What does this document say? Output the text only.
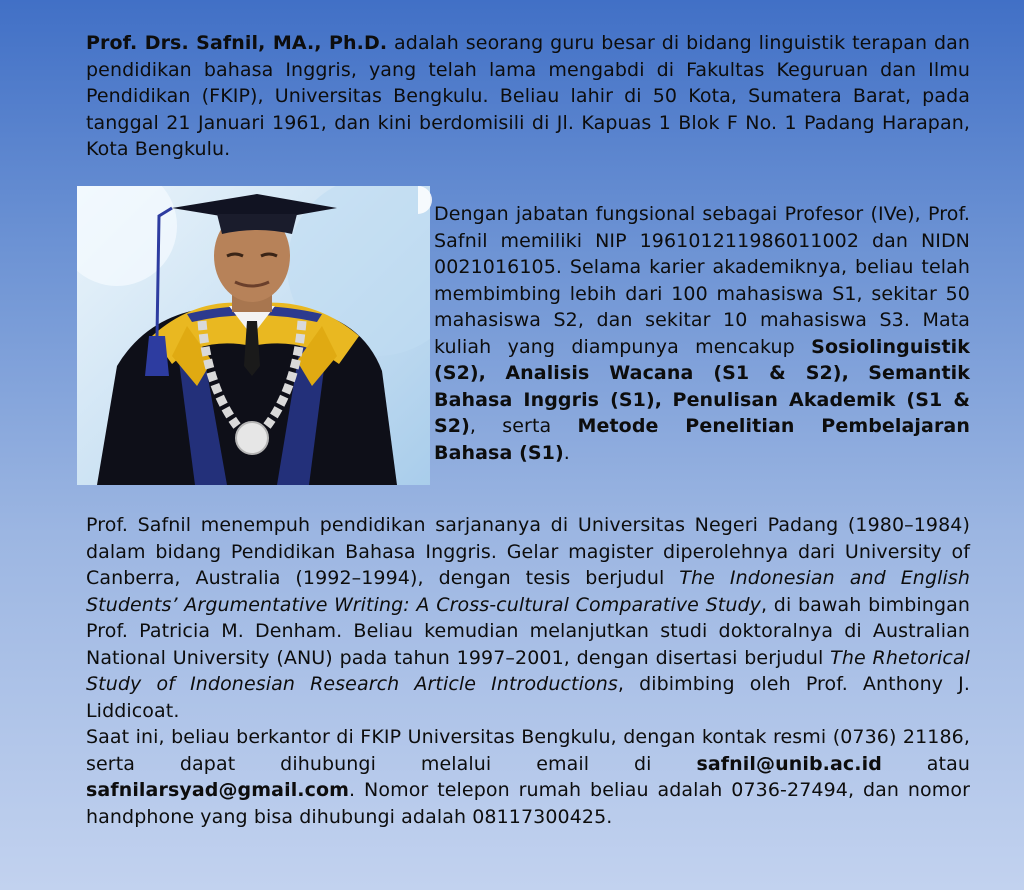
Prof. Drs. Safnil, MA., Ph.D. adalah seorang guru besar di bidang linguistik terapan dan pendidikan bahasa Inggris, yang telah lama mengabdi di Fakultas Keguruan dan Ilmu Pendidikan (FKIP), Universitas Bengkulu. Beliau lahir di 50 Kota, Sumatera Barat, pada tanggal 21 Januari 1961, dan kini berdomisili di Jl. Kapuas 1 Blok F No. 1 Padang Harapan, Kota Bengkulu.

Dengan jabatan fungsional sebagai Profesor (IVe), Prof. Safnil memiliki NIP 196101211986011002 dan NIDN 0021016105. Selama karier akademiknya, beliau telah membimbing lebih dari 100 mahasiswa S1, sekitar 50 mahasiswa S2, dan sekitar 10 mahasiswa S3. Mata kuliah yang diampunya mencakup Sosiolinguistik (S2), Analisis Wacana (S1 & S2), Semantik Bahasa Inggris (S1), Penulisan Akademik (S1 & S2), serta Metode Penelitian Pembelajaran Bahasa (S1).

Prof. Safnil menempuh pendidikan sarjananya di Universitas Negeri Padang (1980–1984) dalam bidang Pendidikan Bahasa Inggris. Gelar magister diperolehnya dari University of Canberra, Australia (1992–1994), dengan tesis berjudul The Indonesian and English Students’ Argumentative Writing: A Cross-cultural Comparative Study, di bawah bimbingan Prof. Patricia M. Denham. Beliau kemudian melanjutkan studi doktoralnya di Australian National University (ANU) pada tahun 1997–2001, dengan disertasi berjudul The Rhetorical Study of Indonesian Research Article Introductions, dibimbing oleh Prof. Anthony J. Liddicoat.
Saat ini, beliau berkantor di FKIP Universitas Bengkulu, dengan kontak resmi (0736) 21186, serta dapat dihubungi melalui email di safnil@unib.ac.id atau safnilarsyad@gmail.com. Nomor telepon rumah beliau adalah 0736-27494, dan nomor handphone yang bisa dihubungi adalah 08117300425.
